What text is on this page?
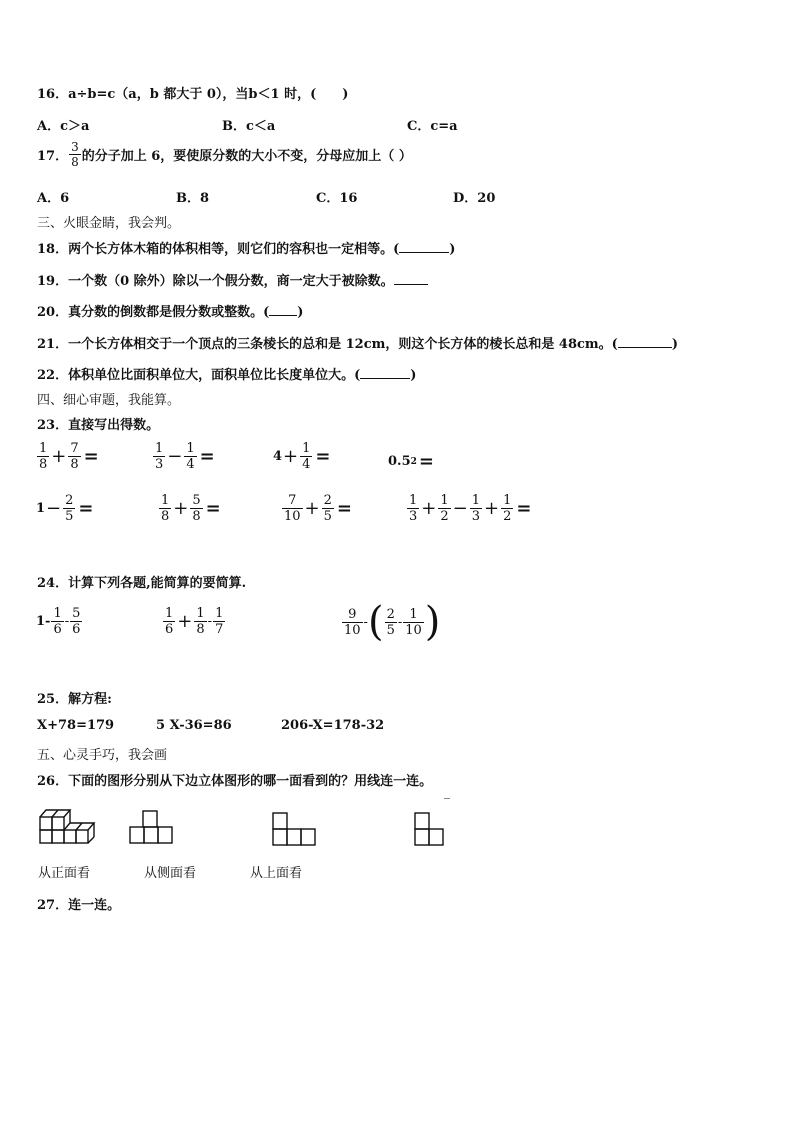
16．a÷b=c（a，b 都大于 0），当b＜1 时，(　　)
A．c＞a	B．c＜a	C．c=a
17． $\frac{3}{8}$ 的分子加上 6，要使原分数的大小不变，分母应加上（ ）
A．6	B．8	C．16	D．20
三、火眼金睛，我会判。
18．两个长方体木箱的体积相等，则它们的容积也一定相等。(	)
19．一个数（0 除外）除以一个假分数，商一定大于被除数。
20．真分数的倒数都是假分数或整数。( )
21．一个长方体相交于一个顶点的三条棱长的总和是 12cm，则这个长方体的棱长总和是 48cm。(	)
22．体积单位比面积单位大，面积单位比长度单位大。(	)
四、细心审题，我能算。
23．直接写出得数。
$\frac{1}{8} + \frac{7}{8}$ =	$\frac{1}{3} - \frac{1}{4}$ =	$4 + \frac{1}{4}$ =	0.5 2 =
$1 - \frac{2}{5}$ =	$\frac{1}{8} + \frac{5}{8}$ =	$\frac{7}{10} + \frac{2}{5}$ =	$\frac{1}{3} + \frac{1}{2} - \frac{1}{3} + \frac{1}{2}$ =
24．计算下列各题,能简算的要简算.
$1- \frac{1}{6} - \frac{5}{6}$	$\frac{1}{6} + \frac{1}{8} - \frac{1}{7}$	$\frac{9}{10}$ - ( $\frac{2}{5} - \frac{1}{10}$ )
25．解方程:
X+78=179	5 X-36=86	206-X=178-32
五、心灵手巧，我会画
26．下面的图形分别从下边立体图形的哪一面看到的？用线连一连。
从正面看	从侧面看	从上面看
27．连一连。
